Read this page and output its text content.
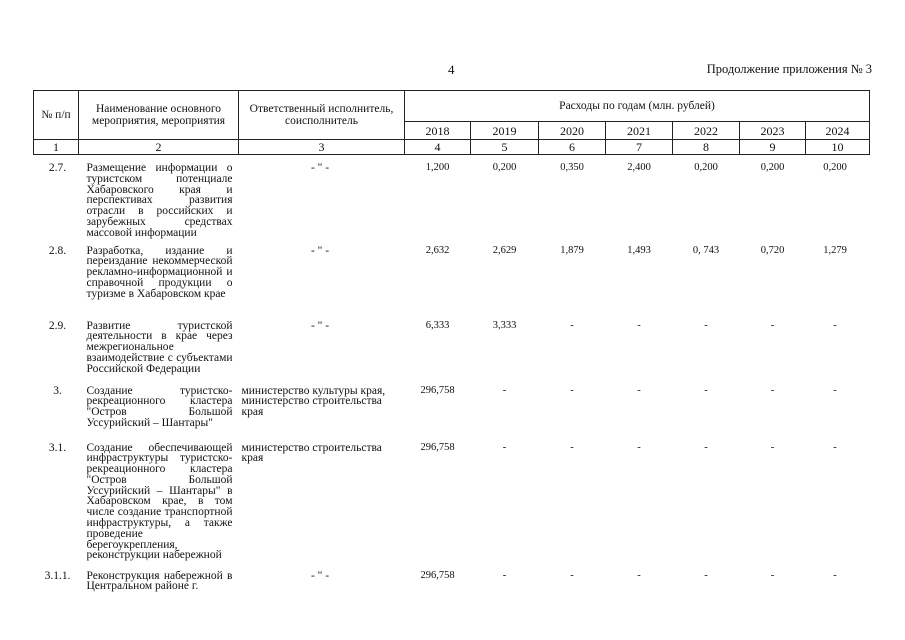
4	Продолжение приложения № 3
№ п/п	Наименование основного мероприятия, мероприятия	Ответственный исполнитель, соисполнитель	Расходы по годам (млн. рублей)						
			2018	2019	2020	2021	2022	2023	2024
1	2	3	4	5	6	7	8	9	10
2.7.	Размещение информации о туристском потенциале Хабаровского края и перспективах развития отрасли в российских и зарубежных средствах массовой информации	- " -	1,200	0,200	0,350	2,400	0,200	0,200	0,200
2.8.	Разработка, издание и переиздание некоммерческой рекламно-информационной и справочной продукции о туризме в Хабаровском крае	- " -	2,632	2,629	1,879	1,493	0, 743	0,720	1,279
2.9.	Развитие туристской деятельности в крае через межрегиональное взаимодействие с субъектами Российской Федерации	- " -	6,333	3,333	-	-	-	-	-
3.	Создание туристско-рекреационного кластера "Остров Большой Уссурийский – Шантары"	министерство культуры края, министерство строительства края	296,758	-	-	-	-	-	-
3.1.	Создание обеспечивающей инфраструктуры туристско-рекреационного кластера "Остров Большой Уссурийский – Шантары" в Хабаровском крае, в том числе создание транспортной инфраструктуры, а также проведение берегоукрепления, реконструкции набережной	министерство строительства края	296,758	-	-	-	-	-	-
3.1.1.	Реконструкция набережной в Центральном районе г.	- " -	296,758	-	-	-	-	-	-
